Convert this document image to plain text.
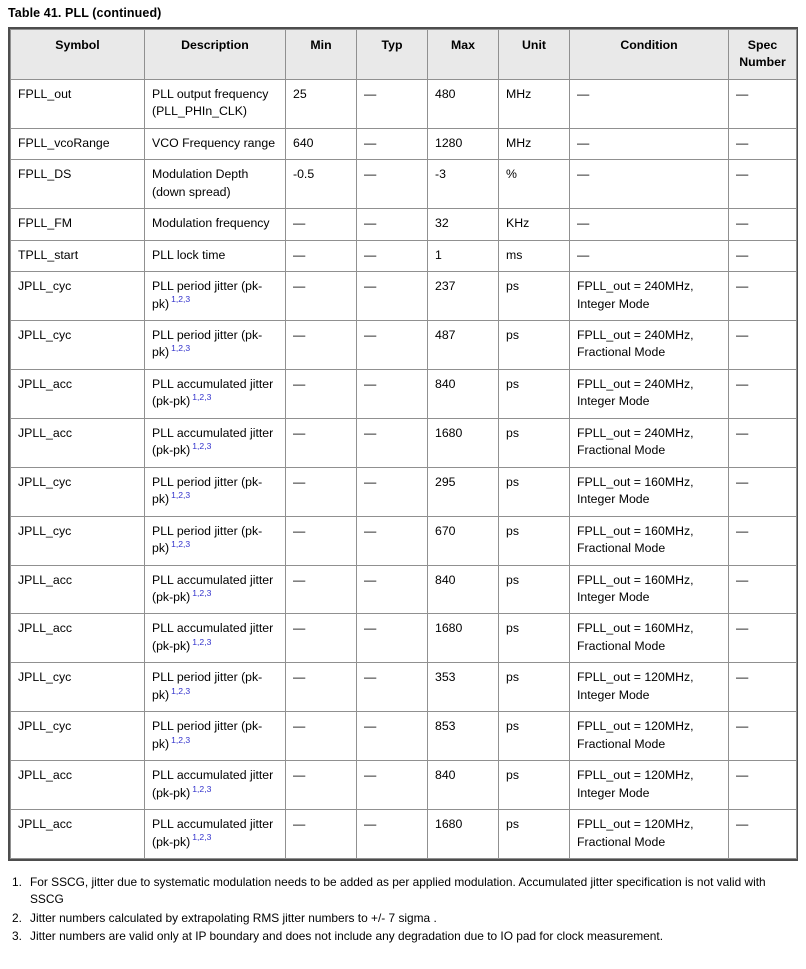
Table 41. PLL (continued)
Symbol	Description	Min	Typ	Max	Unit	Condition	Spec Number
FPLL_out	PLL output frequency (PLL_PHIn_CLK)	25	—	480	MHz	—	—
FPLL_vcoRange	VCO Frequency range	640	—	1280	MHz	—	—
FPLL_DS	Modulation Depth (down spread)	-0.5	—	-3	%	—	—
FPLL_FM	Modulation frequency	—	—	32	KHz	—	—
TPLL_start	PLL lock time	—	—	1	ms	—	—
JPLL_cyc	PLL period jitter (pk-pk) $^{1,2,3}$	—	—	237	ps	FPLL_out = 240MHz, Integer Mode	—
JPLL_cyc	PLL period jitter (pk-pk) $^{1,2,3}$	—	—	487	ps	FPLL_out = 240MHz, Fractional Mode	—
JPLL_acc	PLL accumulated jitter (pk-pk) $^{1,2,3}$	—	—	840	ps	FPLL_out = 240MHz, Integer Mode	—
JPLL_acc	PLL accumulated jitter (pk-pk) $^{1,2,3}$	—	—	1680	ps	FPLL_out = 240MHz, Fractional Mode	—
JPLL_cyc	PLL period jitter (pk-pk) $^{1,2,3}$	—	—	295	ps	FPLL_out = 160MHz, Integer Mode	—
JPLL_cyc	PLL period jitter (pk-pk) $^{1,2,3}$	—	—	670	ps	FPLL_out = 160MHz, Fractional Mode	—
JPLL_acc	PLL accumulated jitter (pk-pk) $^{1,2,3}$	—	—	840	ps	FPLL_out = 160MHz, Integer Mode	—
JPLL_acc	PLL accumulated jitter (pk-pk) $^{1,2,3}$	—	—	1680	ps	FPLL_out = 160MHz, Fractional Mode	—
JPLL_cyc	PLL period jitter (pk-pk) $^{1,2,3}$	—	—	353	ps	FPLL_out = 120MHz, Integer Mode	—
JPLL_cyc	PLL period jitter (pk-pk) $^{1,2,3}$	—	—	853	ps	FPLL_out = 120MHz, Fractional Mode	—
JPLL_acc	PLL accumulated jitter (pk-pk) $^{1,2,3}$	—	—	840	ps	FPLL_out = 120MHz, Integer Mode	—
JPLL_acc	PLL accumulated jitter (pk-pk) $^{1,2,3}$	—	—	1680	ps	FPLL_out = 120MHz, Fractional Mode	—
1. For SSCG, jitter due to systematic modulation needs to be added as per applied modulation. Accumulated jitter specification is not valid with SSCG
2. Jitter numbers calculated by extrapolating RMS jitter numbers to +/- 7 sigma .
3. Jitter numbers are valid only at IP boundary and does not include any degradation due to IO pad for clock measurement.
